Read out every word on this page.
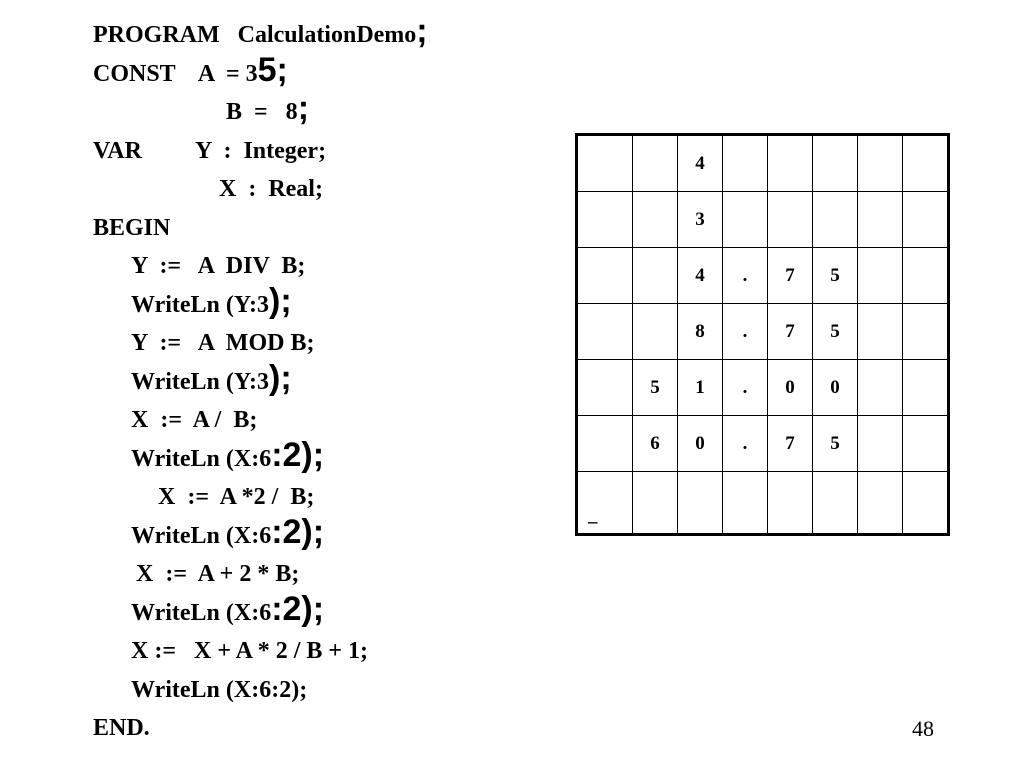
PROGRAM   CalculationDemo;
CONST    A  = 35;
B  =   8;
VAR         Y  :  Integer;
X  :  Real;
BEGIN
Y  :=   A  DIV  B;
WriteLn (Y:3);
Y  :=   A  MOD B;
WriteLn (Y:3);
X  :=  A /  B;
WriteLn (X:6:2);
X  :=  A *2 /  B;
WriteLn (X:6:2);
X  :=  A + 2 * B;
WriteLn (X:6:2);
X :=   X + A * 2 / B + 1;
WriteLn (X:6:2);
END.
		4					
		3					
		4	.	7	5		
		8	.	7	5		
	5	1	.	0	0		
	6	0	.	7	5		
_							
48
